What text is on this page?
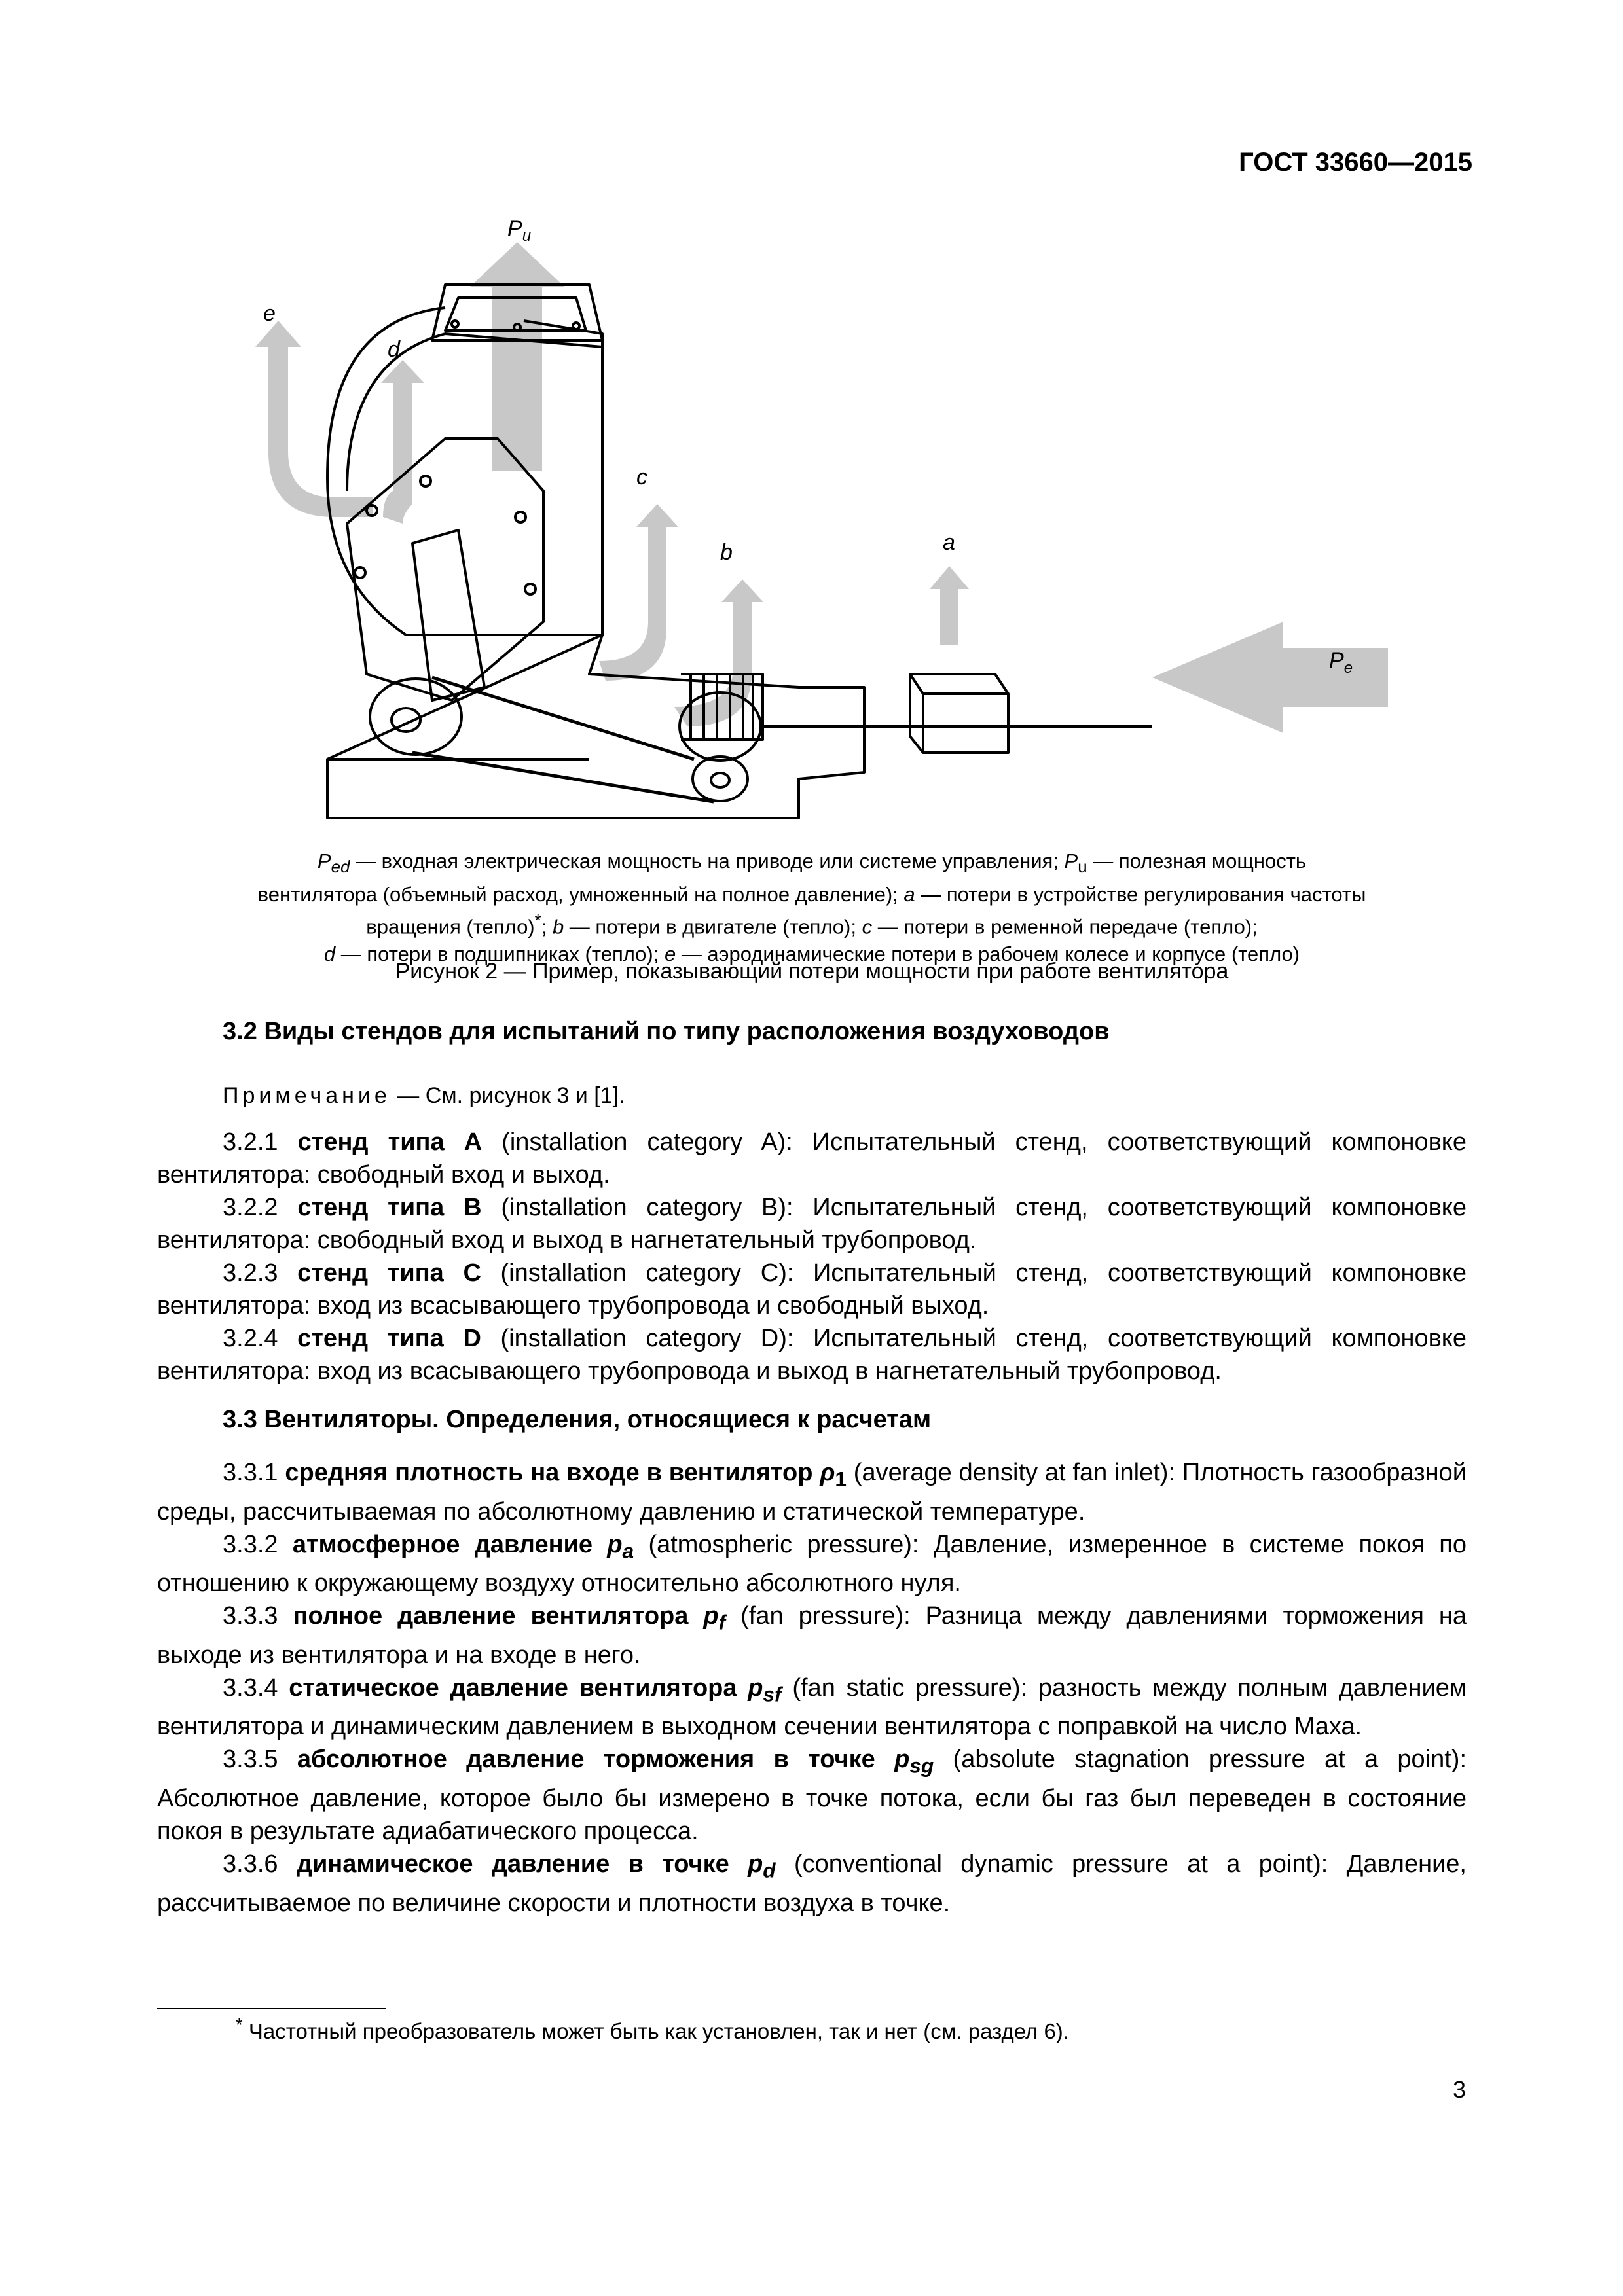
ГОСТ 33660—2015
$P_u$
e
d
c
b	a
$P_e$
$P_{ed}$ — входная электрическая мощность на приводе или системе управления; $P_u$ — полезная мощность
вентилятора (объемный расход, умноженный на полное давление); a — потери в устройстве регулирования частоты
вращения (тепло)*; b — потери в двигателе (тепло); c — потери в ременной передаче (тепло);
d — потери в подшипниках (тепло); e — аэродинамические потери в рабочем колесе и корпусе (тепло)
Рисунок 2 — Пример, показывающий потери мощности при работе вентилятора
3.2 Виды стендов для испытаний по типу расположения воздуховодов
Примечание — См. рисунок 3 и [1].

3.2.1 стенд типа A (installation category A): Испытательный стенд, соответствующий компоновке вентилятора: свободный вход и выход.

3.2.2 стенд типа B (installation category B): Испытательный стенд, соответствующий компоновке вентилятора: свободный вход и выход в нагнетательный трубопровод.

3.2.3 стенд типа C (installation category C): Испытательный стенд, соответствующий компоновке вентилятора: вход из всасывающего трубопровода и свободный выход.

3.2.4 стенд типа D (installation category D): Испытательный стенд, соответствующий компоновке вентилятора: вход из всасывающего трубопровода и выход в нагнетательный трубопровод.

3.3 Вентиляторы. Определения, относящиеся к расчетам

3.3.1 средняя плотность на входе в вентилятор $\rho_1$ (average density at fan inlet): Плотность газообразной среды, рассчитываемая по абсолютному давлению и статической температуре.

3.3.2 атмосферное давление $p_a$ (atmospheric pressure): Давление, измеренное в системе покоя по отношению к окружающему воздуху относительно абсолютного нуля.

3.3.3 полное давление вентилятора $p_f$ (fan pressure): Разница между давлениями торможения на выходе из вентилятора и на входе в него.

3.3.4 статическое давление вентилятора $p_{sf}$ (fan static pressure): разность между полным давлением вентилятора и динамическим давлением в выходном сечении вентилятора с поправкой на число Маха.

3.3.5 абсолютное давление торможения в точке $p_{sg}$ (absolute stagnation pressure at a point): Абсолютное давление, которое было бы измерено в точке потока, если бы газ был переведен в состояние покоя в результате адиабатического процесса.

3.3.6 динамическое давление в точке $p_d$ (conventional dynamic pressure at a point): Давление, рассчитываемое по величине скорости и плотности воздуха в точке.

* Частотный преобразователь может быть как установлен, так и нет (см. раздел 6).
3
